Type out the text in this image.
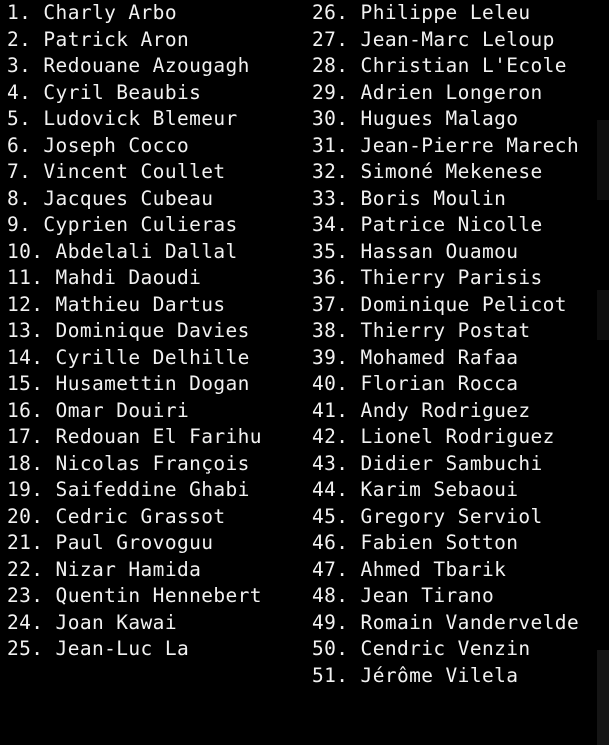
1. Charly Arbo
2. Patrick Aron
3. Redouane Azougagh
4. Cyril Beaubis
5. Ludovick Blemeur
6. Joseph Cocco
7. Vincent Coullet
8. Jacques Cubeau
9. Cyprien Culieras
10. Abdelali Dallal
11. Mahdi Daoudi
12. Mathieu Dartus
13. Dominique Davies
14. Cyrille Delhille
15. Husamettin Dogan
16. Omar Douiri
17. Redouan El Farihu
18. Nicolas François
19. Saifeddine Ghabi
20. Cedric Grassot
21. Paul Grovoguu
22. Nizar Hamida
23. Quentin Hennebert
24. Joan Kawai
25. Jean-Luc La
26. Philippe Leleu
27. Jean-Marc Leloup
28. Christian L'Ecole
29. Adrien Longeron
30. Hugues Malago
31. Jean-Pierre Marech
32. Simoné Mekenese
33. Boris Moulin
34. Patrice Nicolle
35. Hassan Ouamou
36. Thierry Parisis
37. Dominique Pelicot
38. Thierry Postat
39. Mohamed Rafaa
40. Florian Rocca
41. Andy Rodriguez
42. Lionel Rodriguez
43. Didier Sambuchi
44. Karim Sebaoui
45. Gregory Serviol
46. Fabien Sotton
47. Ahmed Tbarik
48. Jean Tirano
49. Romain Vandervelde
50. Cendric Venzin
51. Jérôme Vilela
